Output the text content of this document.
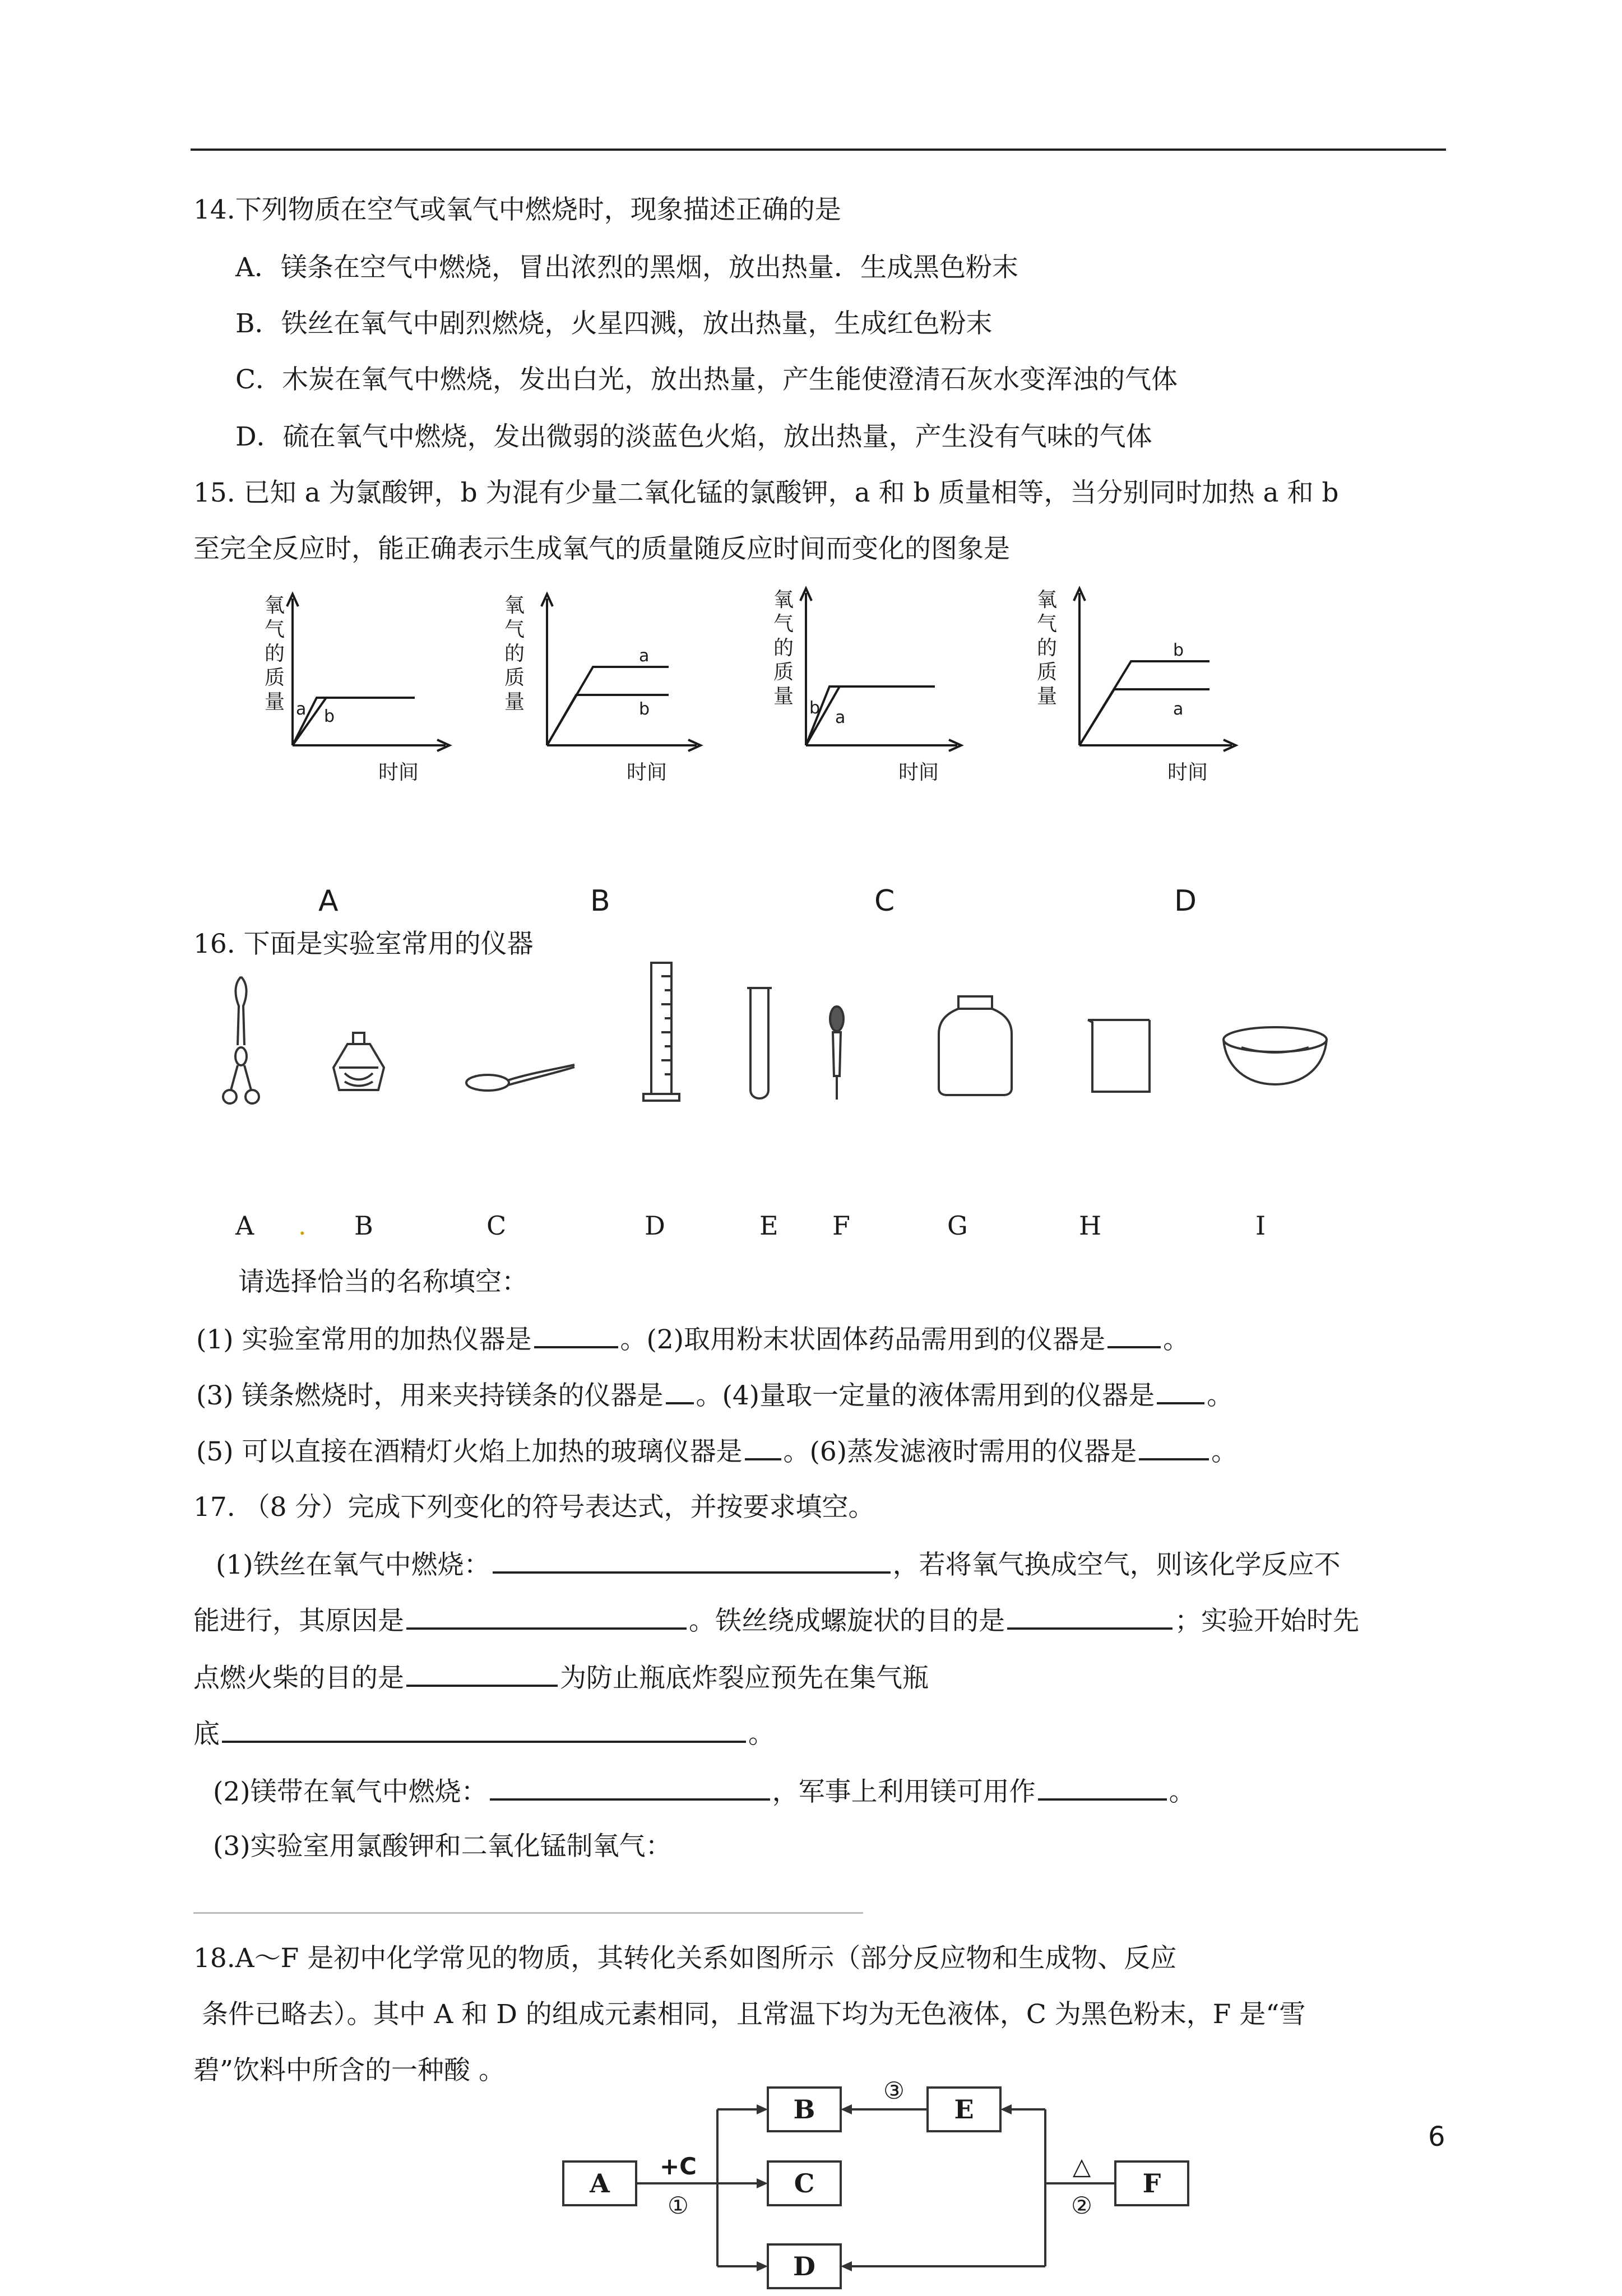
14.下列物质在空气或氧气中燃烧时，现象描述正确的是
A．镁条在空气中燃烧，冒出浓烈的黑烟，放出热量．生成黑色粉末
B．铁丝在氧气中剧烈燃烧，火星四溅，放出热量，生成红色粉末
C．木炭在氧气中燃烧，发出白光，放出热量，产生能使澄清石灰水变浑浊的气体
D．硫在氧气中燃烧，发出微弱的淡蓝色火焰，放出热量，产生没有气味的气体
15. 已知 a 为氯酸钾，b 为混有少量二氧化锰的氯酸钾，a 和 b 质量相等，当分别同时加热 a 和 b
至完全反应时，能正确表示生成氧气的质量随反应时间而变化的图象是
氧
气
的
质
量
时间
a b
氧
气
的
质
量
时间
a
b
氧
气
的
质
量
时间
b a
氧
气
的
质
量
时间
b
a
A	B	C	D
16. 下面是实验室常用的仪器
A . B	C	D	E F	G	H	I
请选择恰当的名称填空：
(1) 实验室常用的加热仪器是	。(2)取用粉末状固体药品需用到的仪器是 。
(3) 镁条燃烧时，用来夹持镁条的仪器是 。(4)量取一定量的液体需用到的仪器是 。
(5) 可以直接在酒精灯火焰上加热的玻璃仪器是 。(6)蒸发滤液时需用的仪器是	。
17. （8 分）完成下列变化的符号表达式，并按要求填空。
(1)铁丝在氧气中燃烧：	，若将氧气换成空气，则该化学反应不
能进行，其原因是	。铁丝绕成螺旋状的目的是	；实验开始时先
点燃火柴的目的是	为防止瓶底炸裂应预先在集气瓶
底	。
(2)镁带在氧气中燃烧：	，军事上利用镁可用作	。
(3)实验室用氯酸钾和二氧化锰制氧气：
18.A～F 是初中化学常见的物质，其转化关系如图所示（部分反应物和生成物、反应
条件已略去）。其中 A 和 D 的组成元素相同，且常温下均为无色液体，C 为黑色粉末，F 是“雪
碧”饮料中所含的一种酸 。
A
B
C
D
E
F
+C
①
③
△
②
6
